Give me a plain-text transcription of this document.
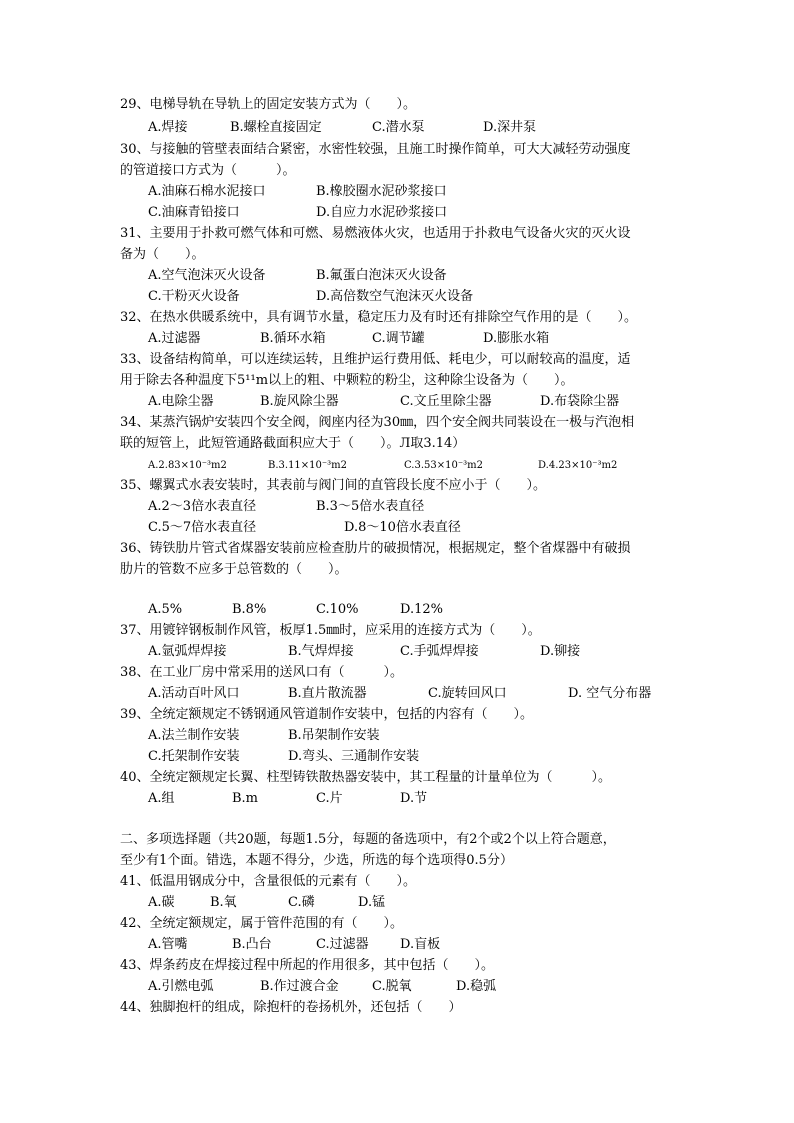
29、电梯导轨在导轨上的固定安装方式为（　　）。
A.焊接	B.螺栓直接固定	C.潜水泵	D.深井泵
30、与接触的管壁表面结合紧密，水密性较强，且施工时操作简单，可大大减轻劳动强度
的管道接口方式为（　　　）。
A.油麻石棉水泥接口	B.橡胶圈水泥砂浆接口
C.油麻青铅接口	D.自应力水泥砂浆接口
31、主要用于扑救可燃气体和可燃、易燃液体火灾，也适用于扑救电气设备火灾的灭火设
备为（　　）。
A.空气泡沫灭火设备	B.氟蛋白泡沫灭火设备
C.干粉灭火设备	D.高倍数空气泡沫灭火设备
32、在热水供暖系统中，具有调节水量，稳定压力及有时还有排除空气作用的是（　　）。
A.过滤器	B.循环水箱	C.调节罐	D.膨胀水箱
33、设备结构简单，可以连续运转，且维护运行费用低、耗电少，可以耐较高的温度，适
用于除去各种温度下5¹¹m以上的粗、中颗粒的粉尘，这种除尘设备为（　　）。
A.电除尘器	B.旋风除尘器	C.文丘里除尘器	D.布袋除尘器
34、某蒸汽锅炉安装四个安全阀，阀座内径为30㎜，四个安全阀共同装设在一极与汽泡相
联的短管上，此短管通路截面积应大于（　　）。Л取3.14）
A.2.83×10⁻³m2	B.3.11×10⁻³m2	C.3.53×10⁻³m2	D.4.23×10⁻³m2
35、螺翼式水表安装时，其表前与阀门间的直管段长度不应小于（　　）。
A.2～3倍水表直径	B.3～5倍水表直径
C.5～7倍水表直径	D.8～10倍水表直径
36、铸铁肋片管式省煤器安装前应检查肋片的破损情况，根据规定，整个省煤器中有破损
肋片的管数不应多于总管数的（　　）。
A.5%	B.8%	C.10%	D.12%
37、用镀锌钢板制作风管，板厚1.5㎜时，应采用的连接方式为（　　）。
A.氩弧焊焊接	B.气焊焊接	C.手弧焊焊接	D.铆接
38、在工业厂房中常采用的送风口有（　　　）。
A.活动百叶风口	B.直片散流器	C.旋转回风口	D. 空气分布器
39、全统定额规定不锈钢通风管道制作安装中，包括的内容有（　　）。
A.法兰制作安装	B.吊架制作安装
C.托架制作安装	D.弯头、三通制作安装
40、全统定额规定长翼、柱型铸铁散热器安装中，其工程量的计量单位为（　　　）。
A.组	B.m	C.片	D.节
二、多项选择题（共20题，每题1.5分，每题的备选项中，有2个或2个以上符合题意，
至少有1个面。错选，本题不得分，少选，所选的每个选项得0.5分）
41、低温用钢成分中，含量很低的元素有（　　）。
A.碳	B.氧	C.磷	D.锰
42、全统定额规定，属于管件范围的有（　　）。
A.管嘴	B.凸台	C.过滤器 D.盲板
43、焊条药皮在焊接过程中所起的作用很多，其中包括（　　）。
A.引燃电弧	B.作过渡合金	C.脱氧	D.稳弧
44、独脚抱杆的组成，除抱杆的卷扬机外，还包括（　　）
